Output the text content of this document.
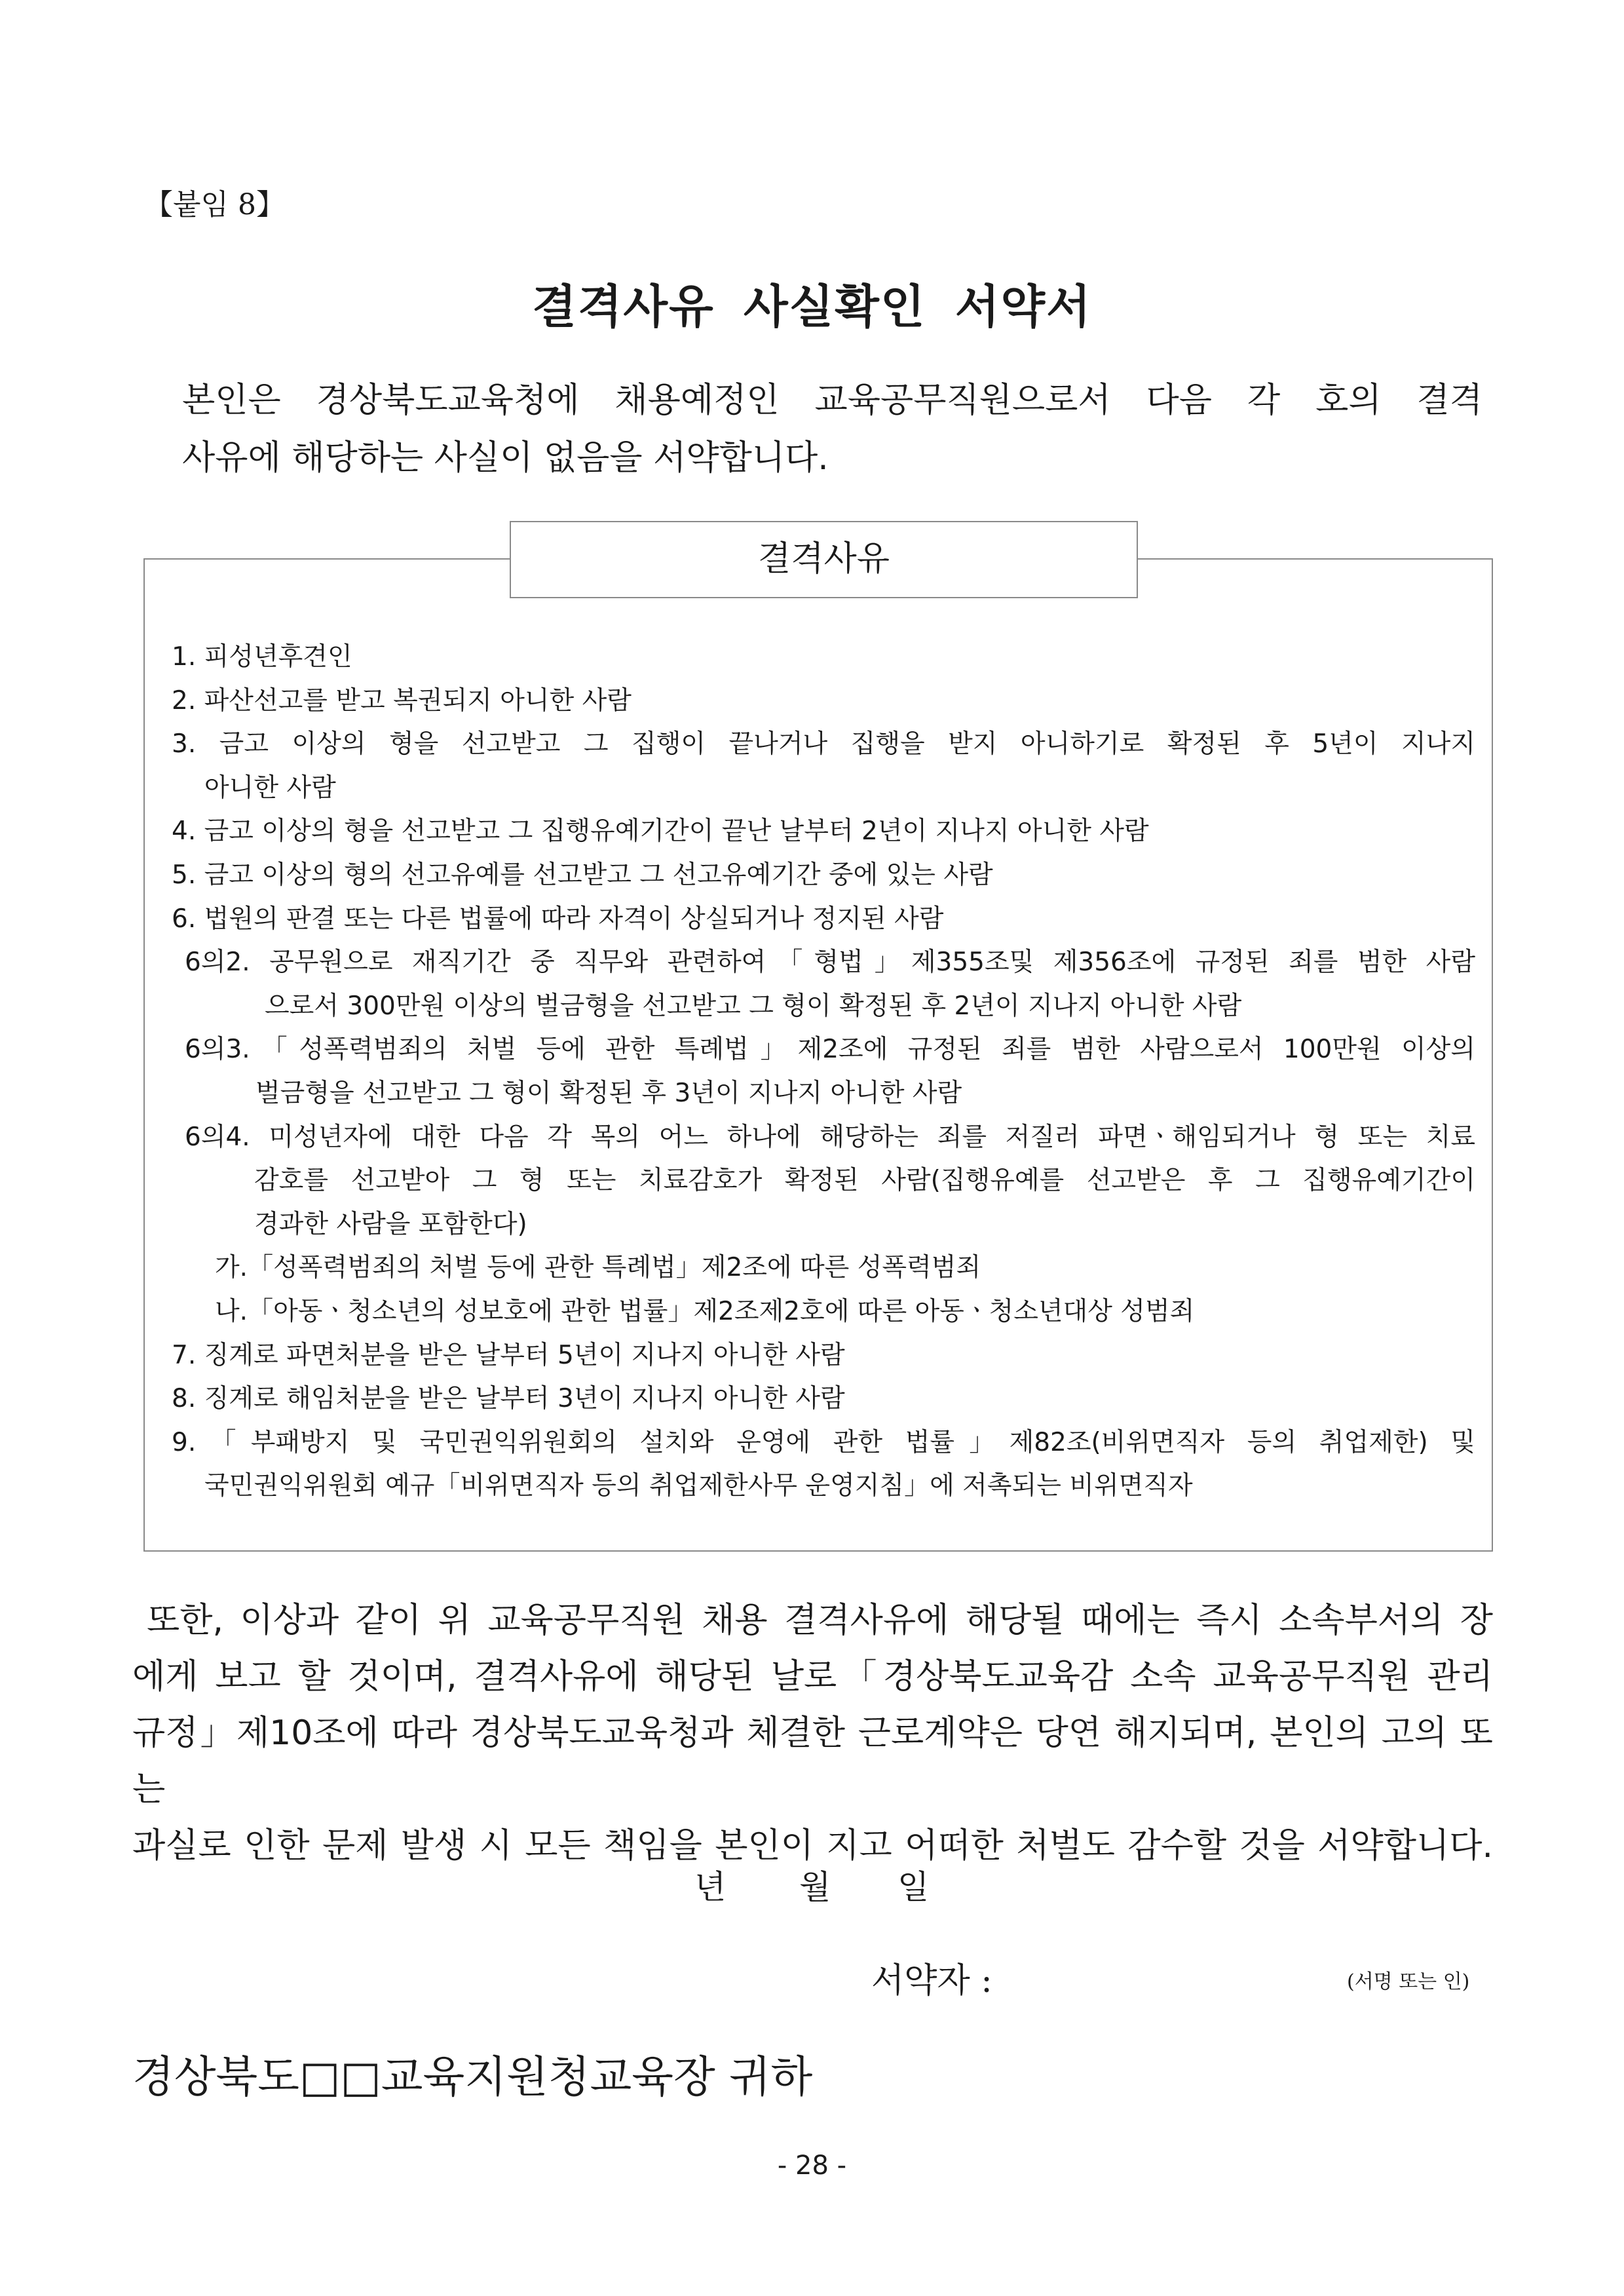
【붙임 8】
결격사유 사실확인 서약서
본인은 경상북도교육청에 채용예정인 교육공무직원으로서 다음 각 호의 결격
사유에 해당하는 사실이 없음을 서약합니다.
결격사유
1. 피성년후견인
2. 파산선고를 받고 복권되지 아니한 사람
3. 금고 이상의 형을 선고받고 그 집행이 끝나거나 집행을 받지 아니하기로 확정된 후 5년이 지나지
아니한 사람
4. 금고 이상의 형을 선고받고 그 집행유예기간이 끝난 날부터 2년이 지나지 아니한 사람
5. 금고 이상의 형의 선고유예를 선고받고 그 선고유예기간 중에 있는 사람
6. 법원의 판결 또는 다른 법률에 따라 자격이 상실되거나 정지된 사람
6의2. 공무원으로 재직기간 중 직무와 관련하여「형법」제355조및 제356조에 규정된 죄를 범한 사람
으로서 300만원 이상의 벌금형을 선고받고 그 형이 확정된 후 2년이 지나지 아니한 사람
6의3.「성폭력범죄의 처벌 등에 관한 특례법」제2조에 규정된 죄를 범한 사람으로서 100만원 이상의
벌금형을 선고받고 그 형이 확정된 후 3년이 지나지 아니한 사람
6의4. 미성년자에 대한 다음 각 목의 어느 하나에 해당하는 죄를 저질러 파면ㆍ해임되거나 형 또는 치료
감호를 선고받아 그 형 또는 치료감호가 확정된 사람(집행유예를 선고받은 후 그 집행유예기간이
경과한 사람을 포함한다)
가.「성폭력범죄의 처벌 등에 관한 특례법」제2조에 따른 성폭력범죄
나.「아동ㆍ청소년의 성보호에 관한 법률」제2조제2호에 따른 아동ㆍ청소년대상 성범죄
7. 징계로 파면처분을 받은 날부터 5년이 지나지 아니한 사람
8. 징계로 해임처분을 받은 날부터 3년이 지나지 아니한 사람
9.「부패방지 및 국민권익위원회의 설치와 운영에 관한 법률」제82조(비위면직자 등의 취업제한) 및
국민권익위원회 예규「비위면직자 등의 취업제한사무 운영지침」에 저촉되는 비위면직자
또한, 이상과 같이 위 교육공무직원 채용 결격사유에 해당될 때에는 즉시 소속부서의 장
에게 보고 할 것이며, 결격사유에 해당된 날로「경상북도교육감 소속 교육공무직원 관리
규정」제10조에 따라 경상북도교육청과 체결한 근로계약은 당연 해지되며, 본인의 고의 또는
과실로 인한 문제 발생 시 모든 책임을 본인이 지고 어떠한 처벌도 감수할 것을 서약합니다.
년 월 일
서약자 :	(서명 또는 인)
경상북도□□교육지원청교육장 귀하
- 28 -
